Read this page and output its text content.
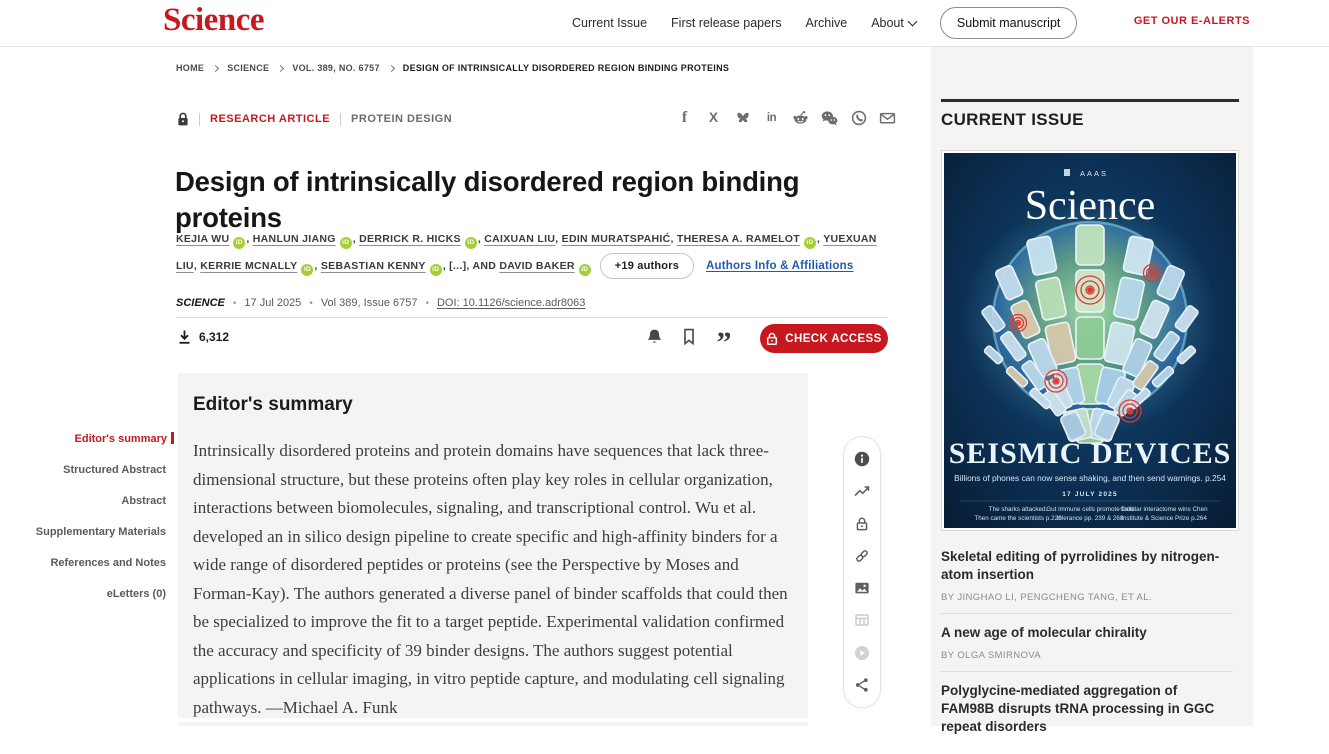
Science	Current Issue First release papers Archive About	Submit manuscript	GET OUR E-ALERTS
HOME	SCIENCE	VOL. 389, NO. 6757	DESIGN OF INTRINSICALLY DISORDERED REGION BINDING PROTEINS
RESEARCH ARTICLE PROTEIN DESIGN	f	X	in
Design of intrinsically disordered region binding proteins
KEJIA WU iD , HANLUN JIANG iD , DERRICK R. HICKS iD , CAIXUAN LIU, EDIN MURATSPAHIĆ, THERESA A. RAMELOT iD , YUEXUAN LIU, KERRIE MCNALLY iD , SEBASTIAN KENNY iD , [...], AND DAVID BAKER iD +19 authors Authors Info & Affiliations
SCIENCE • 17 Jul 2025 • Vol 389, Issue 6757 • DOI: 10.1126/science.adr8063
6,312	”	CHECK ACCESS
Editor's summary

Intrinsically disordered proteins and protein domains have sequences that lack three-dimensional structure, but these proteins often play key roles in cellular organization, interactions between biomolecules, signaling, and transcriptional control. Wu et al. developed an in silico design pipeline to create specific and high-affinity binders for a wide range of disordered peptides or proteins (see the Perspective by Moses and Forman-Kay). The authors generated a diverse panel of binder scaffolds that could then be specialized to improve the fit to a target peptide. Experimental validation confirmed the accuracy and specificity of 39 binder designs. The authors suggest potential applications in cellular imaging, in vitro peptide capture, and modulating cell signaling pathways. —Michael A. Funk

Editor's summary
Structured Abstract
Abstract
Supplementary Materials
References and Notes
eLetters (0)
CURRENT ISSUE
AAAS
Science
SEISMIC DEVICES
Billions of phones can now sense shaking, and then send warnings. p.254
17 JULY 2025
The sharks attacked. Then came the scientists p.228
Gut immune cells promote food tolerance pp. 239 & 268
Cellular interactome wins Chen Institute & Science Prize p.264
Skeletal editing of pyrrolidines by nitrogen-atom insertion
BY JINGHAO LI, PENGCHENG TANG, ET AL.
A new age of molecular chirality
BY OLGA SMIRNOVA
Polyglycine-mediated aggregation of FAM98B disrupts tRNA processing in GGC repeat disorders
